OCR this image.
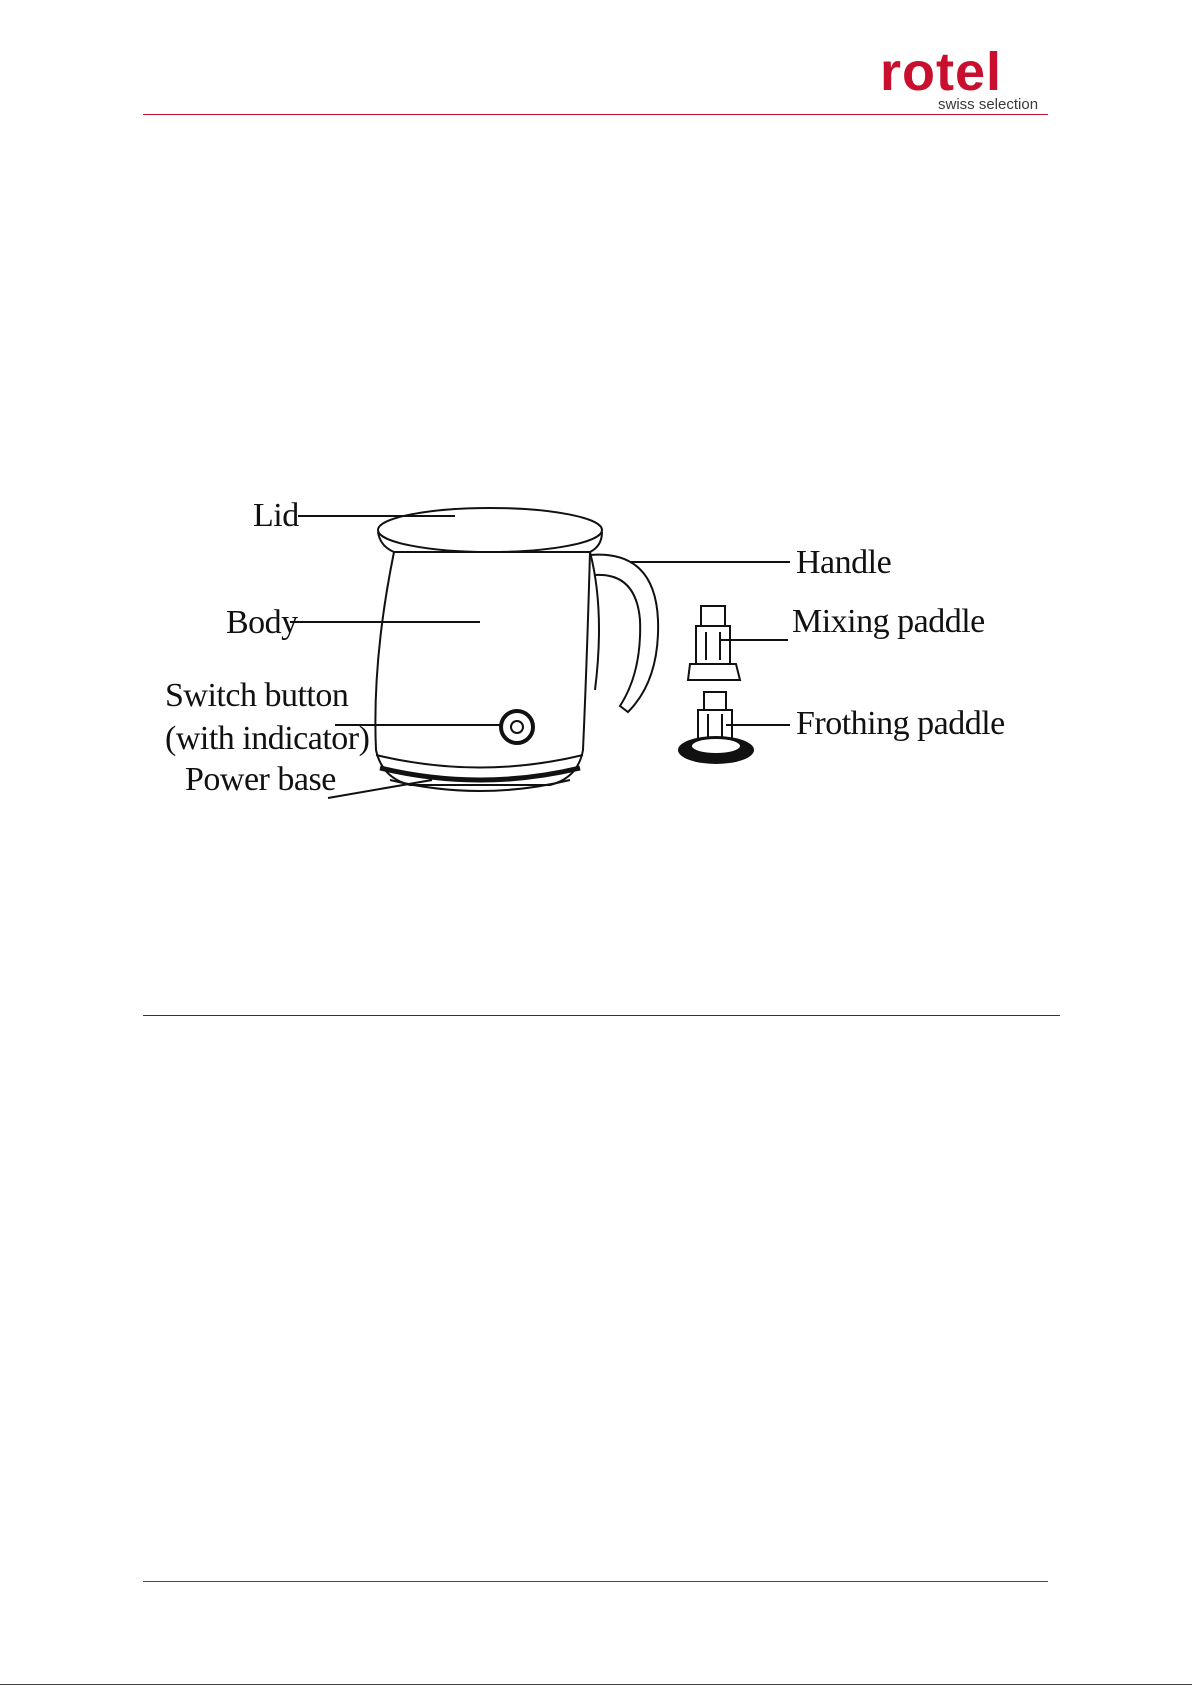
rotel
swiss selection
Lid
Handle
Body	Mixing paddle
Switch button
(with indicator)	Frothing paddle
Power base
